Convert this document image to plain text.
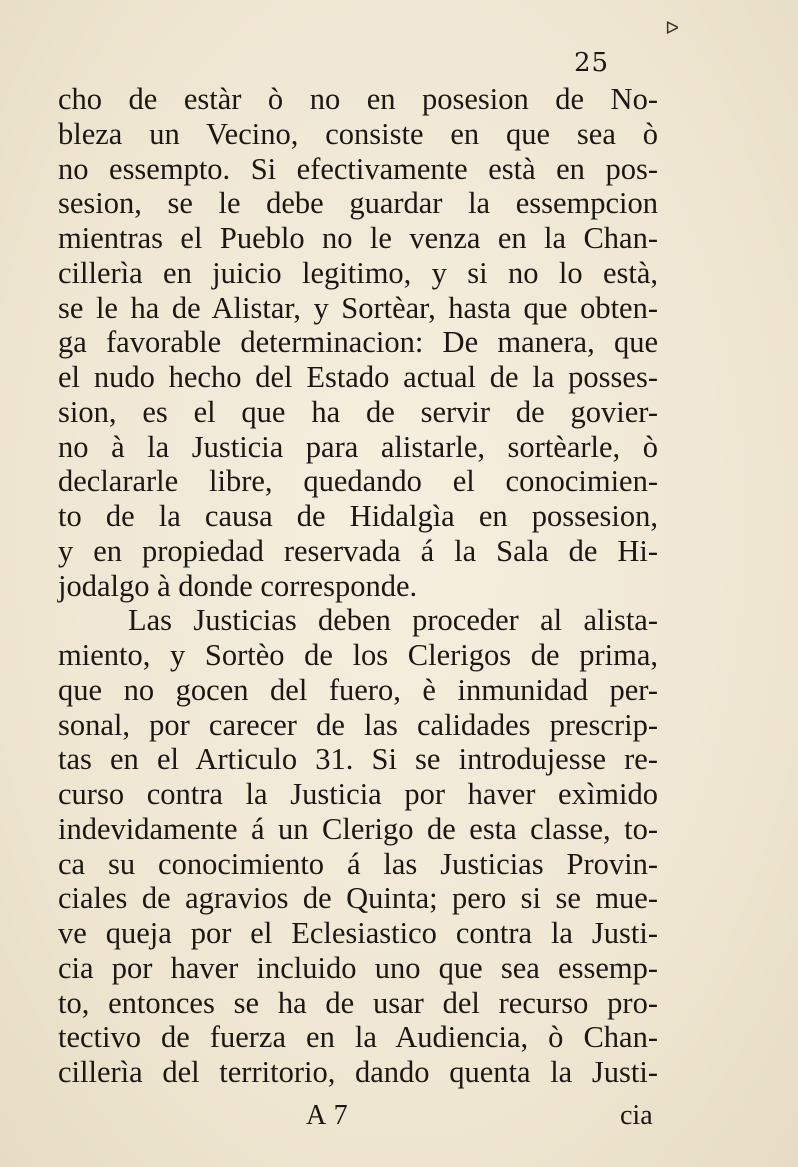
ᐅ
25
cho de estàr ò no en posesion de No-
bleza un Vecino, consiste en que sea ò
no essempto. Si efectivamente està en pos-
sesion, se le debe guardar la essempcion
mientras el Pueblo no le venza en la Chan-
cillerìa en juicio legitimo, y si no lo està,
se le ha de Alistar, y Sortèar, hasta que obten-
ga favorable determinacion: De manera, que
el nudo hecho del Estado actual de la posses-
sion, es el que ha de servir de govier-
no à la Justicia para alistarle, sortèarle, ò
declararle libre, quedando el conocimien-
to de la causa de Hidalgìa en possesion,
y en propiedad reservada á la Sala de Hi-
jodalgo à donde corresponde.
Las Justicias deben proceder al alista-
miento, y Sortèo de los Clerigos de prima,
que no gocen del fuero, è inmunidad per-
sonal, por carecer de las calidades prescrip-
tas en el Articulo 31. Si se introdujesse re-
curso contra la Justicia por haver exìmido
indevidamente á un Clerigo de esta classe, to-
ca su conocimiento á las Justicias Provin-
ciales de agravios de Quinta; pero si se mue-
ve queja por el Eclesiastico contra la Justi-
cia por haver incluido uno que sea essemp-
to, entonces se ha de usar del recurso pro-
tectivo de fuerza en la Audiencia, ò Chan-
cillerìa del territorio, dando quenta la Justi-
A 7	cia
